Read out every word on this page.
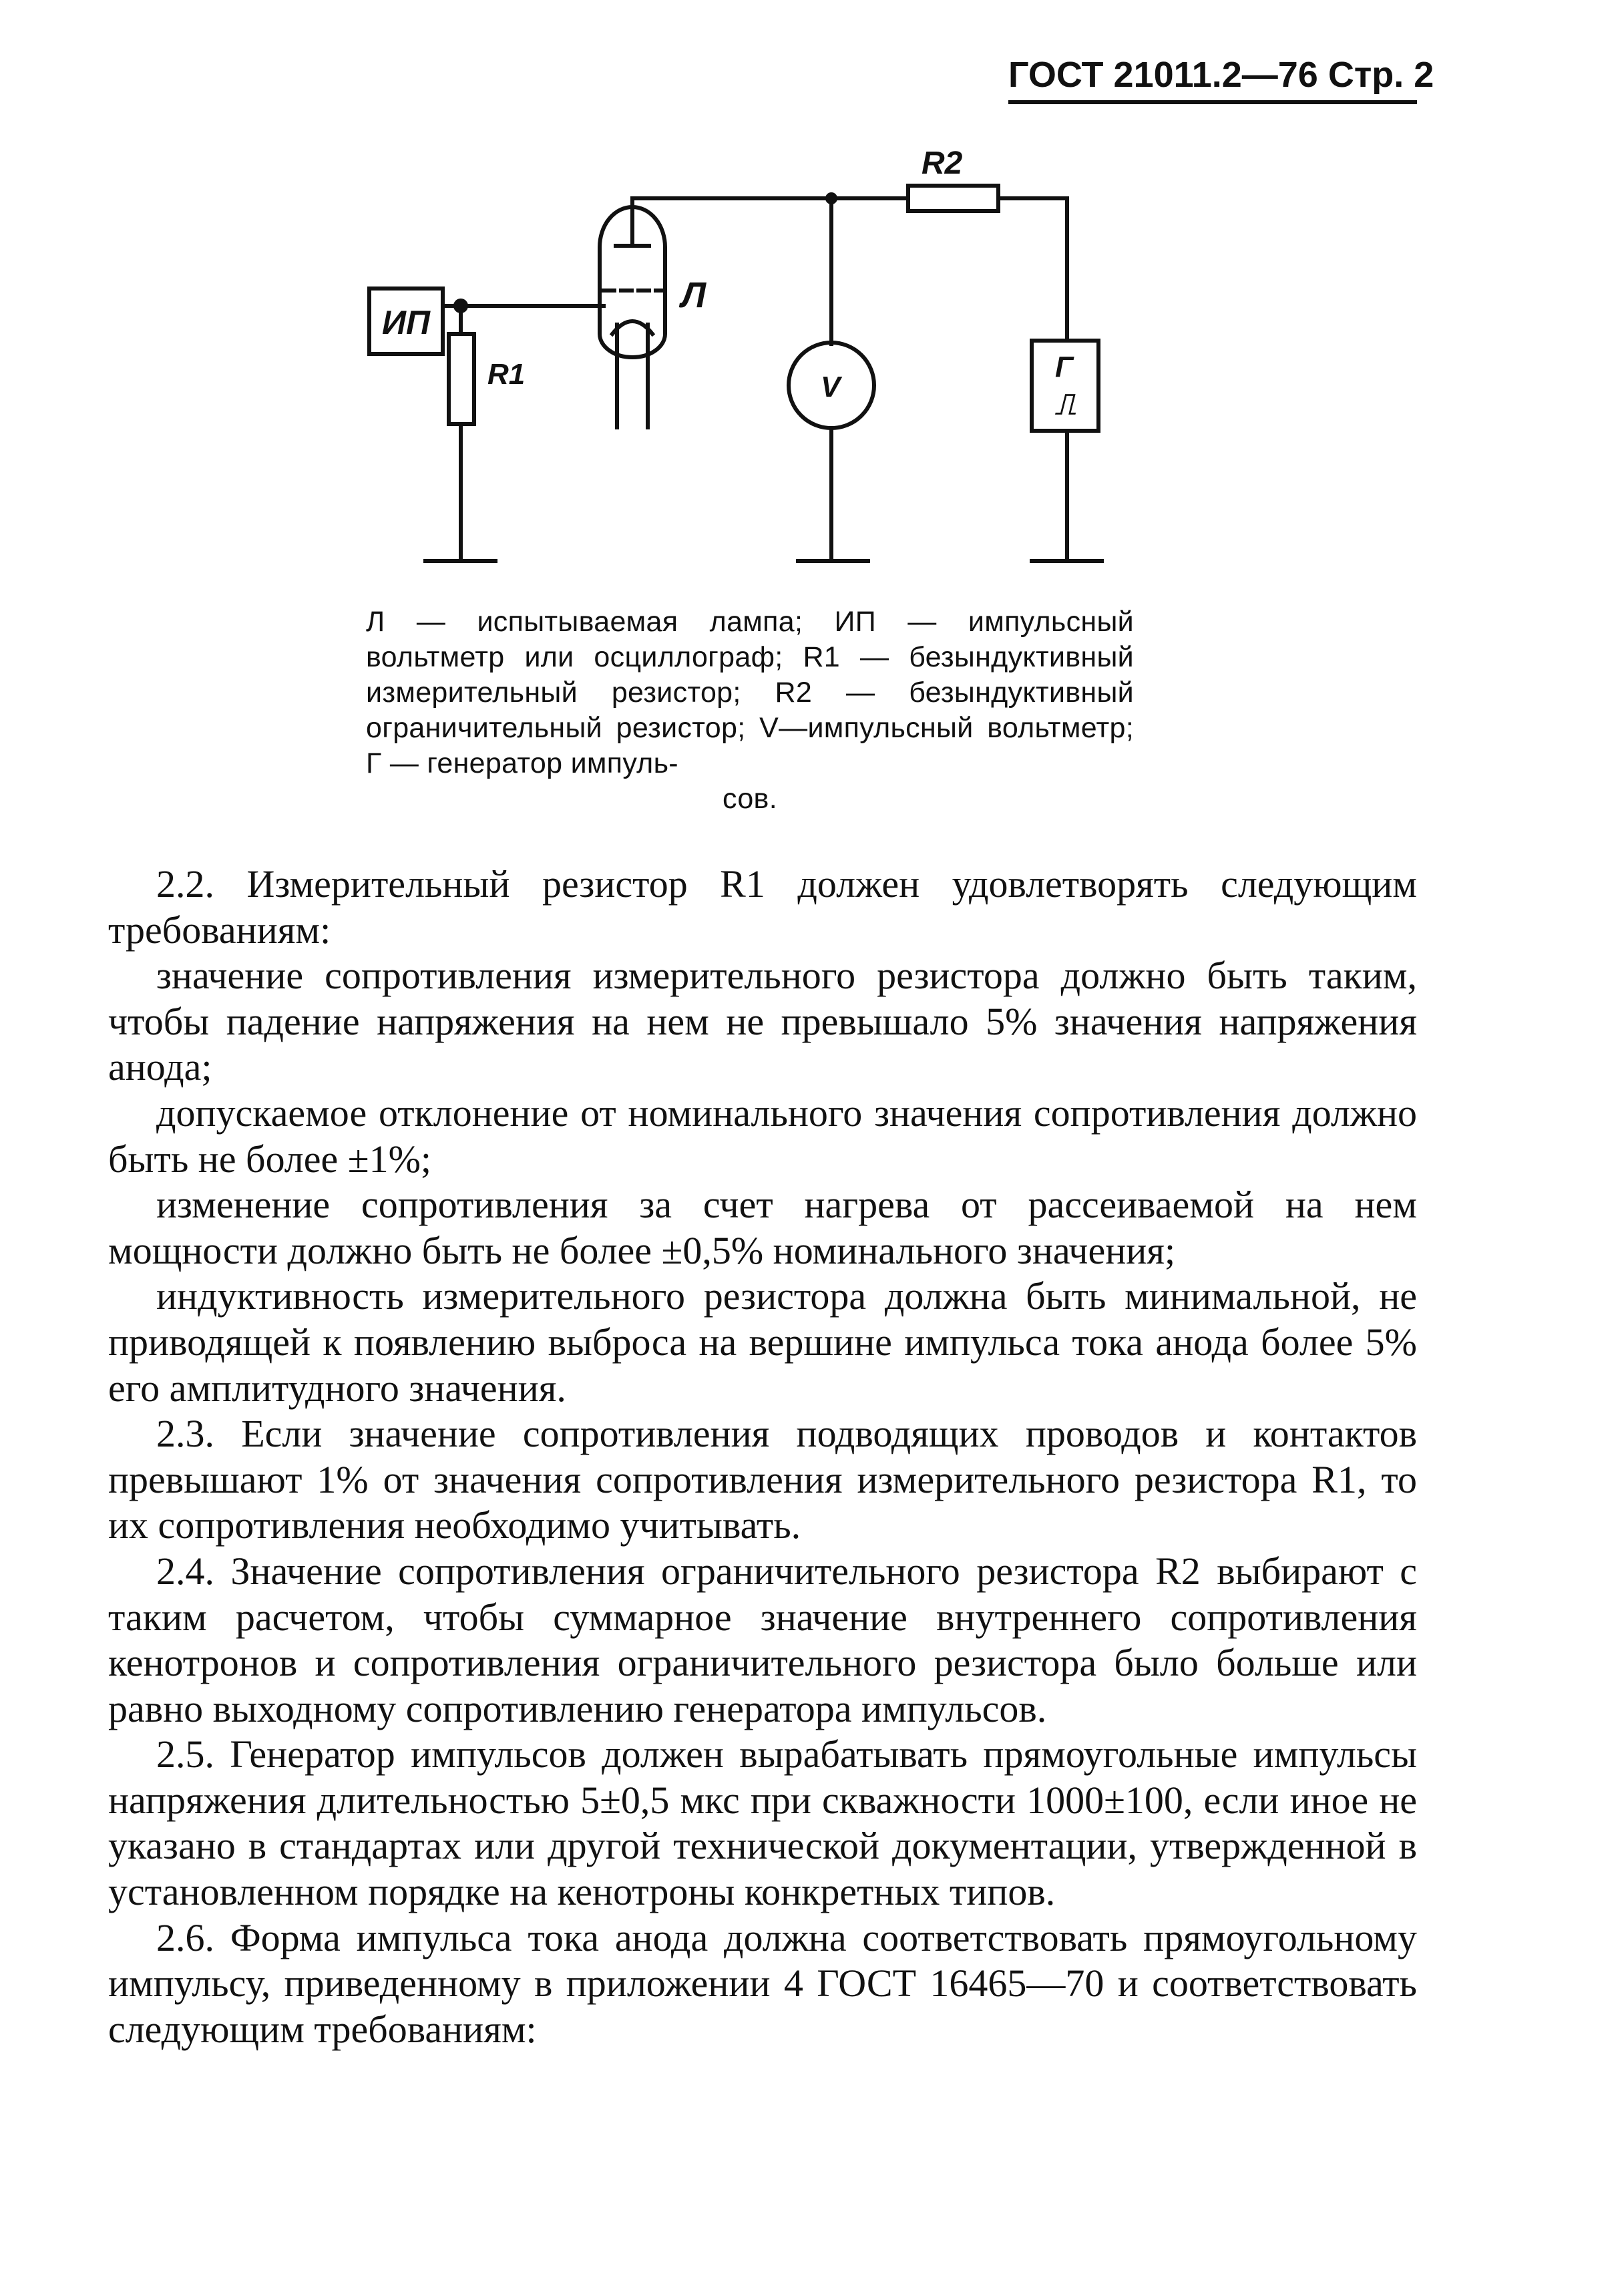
ГОСТ 21011.2—76 Стр. 2
R2
Л
ИП
V
R1	Г
⎍

Л — испытываемая лампа; ИП — импульсный вольтметр или осциллограф; R1 — безындуктивный измерительный резистор; R2 — безындуктивный ограничительный резистор; V—импульсный вольтметр; Г — генератор импуль-

сов.

2.2. Измерительный резистор R1 должен удовлетворять следующим требованиям:

значение сопротивления измерительного резистора должно быть таким, чтобы падение напряжения на нем не превышало 5% значения напряжения анода;

допускаемое отклонение от номинального значения сопротивления должно быть не более ±1%;

изменение сопротивления за счет нагрева от рассеиваемой на нем мощности должно быть не более ±0,5% номинального значения;

индуктивность измерительного резистора должна быть минимальной, не приводящей к появлению выброса на вершине импульса тока анода более 5% его амплитудного значения.

2.3. Если значение сопротивления подводящих проводов и контактов превышают 1% от значения сопротивления измерительного резистора R1, то их сопротивления необходимо учитывать.

2.4. Значение сопротивления ограничительного резистора R2 выбирают с таким расчетом, чтобы суммарное значение внутреннего сопротивления кенотронов и сопротивления ограничительного резистора было больше или равно выходному сопротивлению генератора импульсов.

2.5. Генератор импульсов должен вырабатывать прямоугольные импульсы напряжения длительностью 5±0,5 мкс при скважности 1000±100, если иное не указано в стандартах или другой технической документации, утвержденной в установленном порядке на кенотроны конкретных типов.

2.6. Форма импульса тока анода должна соответствовать прямоугольному импульсу, приведенному в приложении 4 ГОСТ 16465—70 и соответствовать следующим требованиям:
